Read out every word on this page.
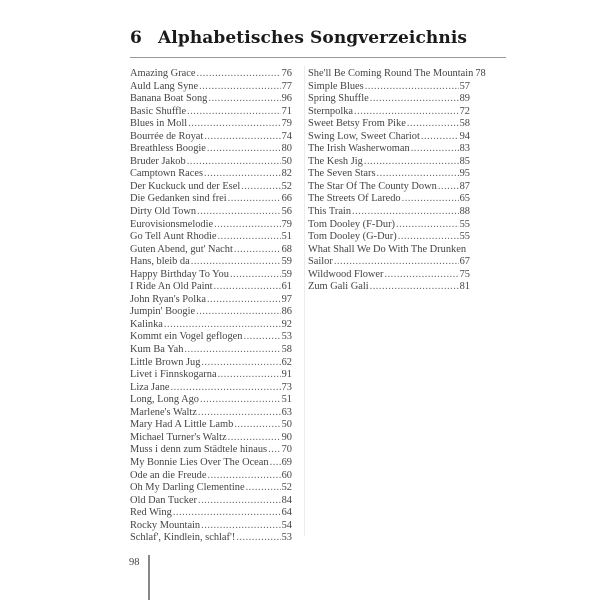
6 Alphabetisches Songverzeichnis
Amazing Grace .....	76
Auld Lang Syne .....	77
Banana Boat Song .....	96
Basic Shuffle .....	71
Blues in Moll .....	79
Bourrée de Royat .....	74
Breathless Boogie .....	80
Bruder Jakob .....	50
Camptown Races .....	82
Der Kuckuck und der Esel .....	52
Die Gedanken sind frei .....	66
Dirty Old Town .....	56
Eurovisionsmelodie .....	79
Go Tell Aunt Rhodie .....	51
Guten Abend, gut' Nacht .....	68
Hans, bleib da .....	59
Happy Birthday To You .....	59
I Ride An Old Paint .....	61
John Ryan's Polka .....	97
Jumpin' Boogie .....	86
Kalinka .....	92
Kommt ein Vogel geflogen .....	53
Kum Ba Yah .....	58
Little Brown Jug .....	62
Livet i Finnskogarna .....	91
Liza Jane .....	73
Long, Long Ago .....	51
Marlene's Waltz .....	63
Mary Had A Little Lamb .....	50
Michael Turner's Waltz .....	90
Muss i denn zum Städtele hinaus ..... 70
My Bonnie Lies Over The Ocean ..... 69
Ode an die Freude .....	60
Oh My Darling Clementine .....	52
Old Dan Tucker .....	84
Red Wing .....	64
Rocky Mountain .....	54
Schlaf', Kindlein, schlaf'! .....	53
She'll Be Coming Round The Mountain 78
Simple Blues .....	57
Spring Shuffle .....	89
Sternpolka .....	72
Sweet Betsy From Pike .....	58
Swing Low, Sweet Chariot .....	94
The Irish Washerwoman .....	83
The Kesh Jig .....	85
The Seven Stars .....	95
The Star Of The County Down ..... 87
The Streets Of Laredo .....	65
This Train .....	88
Tom Dooley (F-Dur) .....	55
Tom Dooley (G-Dur) .....	55
What Shall We Do With The Drunken
Sailor .....	67
Wildwood Flower .....	75
Zum Gali Gali .....	81
98
